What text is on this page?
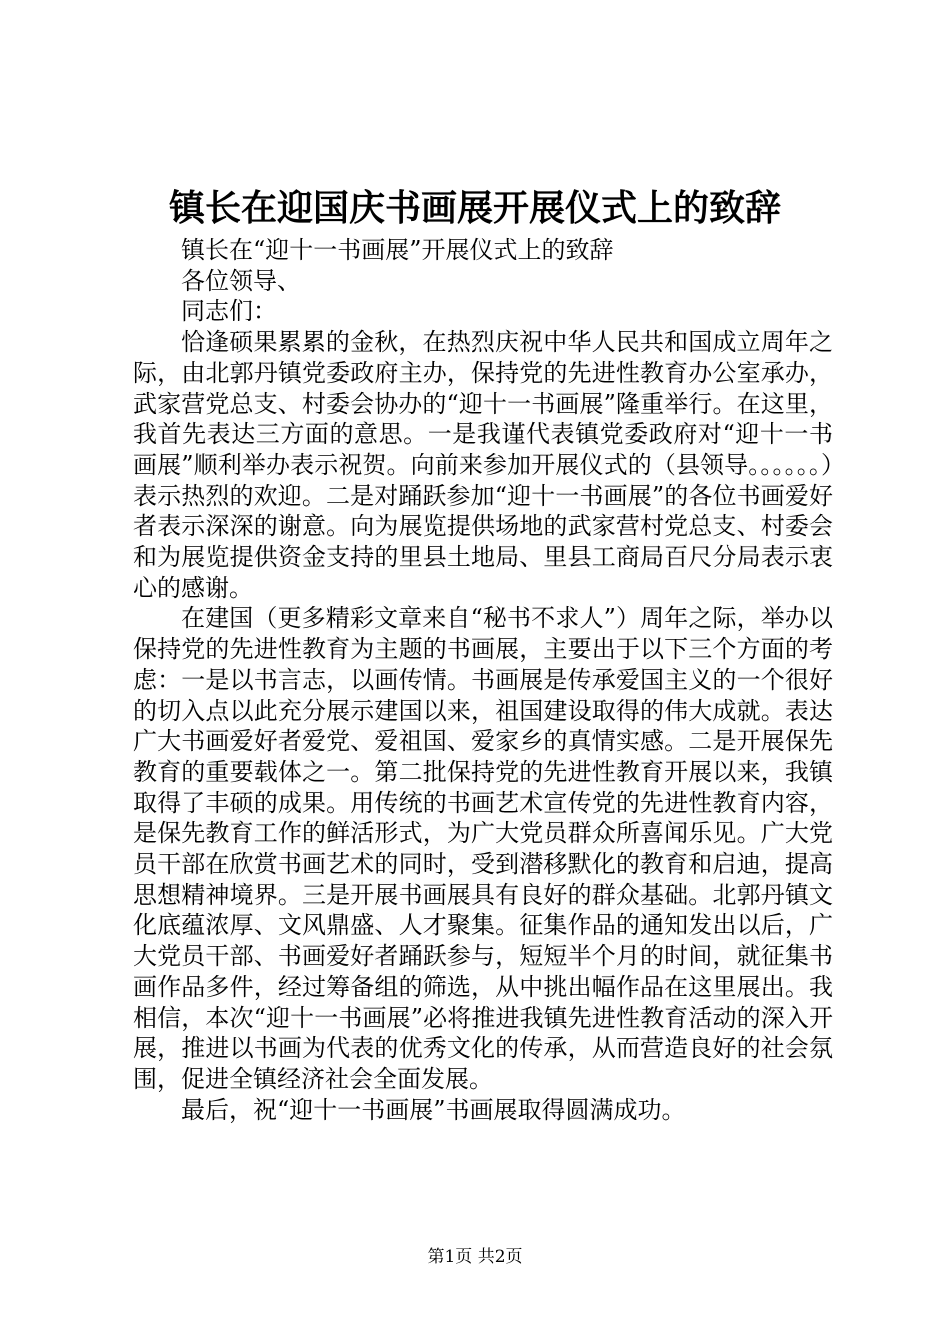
镇长在迎国庆书画展开展仪式上的致辞

镇长在“迎十一书画展”开展仪式上的致辞

各位领导、

同志们：

恰逢硕果累累的金秋，在热烈庆祝中华人民共和国成立周年之际，由北郭丹镇党委政府主办，保持党的先进性教育办公室承办，武家营党总支、村委会协办的“迎十一书画展”隆重举行。在这里，我首先表达三方面的意思。一是我谨代表镇党委政府对“迎十一书画展”顺利举办表示祝贺。向前来参加开展仪式的（县领导。。。。。。）表示热烈的欢迎。二是对踊跃参加“迎十一书画展”的各位书画爱好者表示深深的谢意。向为展览提供场地的武家营村党总支、村委会和为展览提供资金支持的里县土地局、里县工商局百尺分局表示衷心的感谢。

在建国（更多精彩文章来自“秘书不求人”）周年之际，举办以保持党的先进性教育为主题的书画展，主要出于以下三个方面的考虑：一是以书言志，以画传情。书画展是传承爱国主义的一个很好的切入点以此充分展示建国以来，祖国建设取得的伟大成就。表达广大书画爱好者爱党、爱祖国、爱家乡的真情实感。二是开展保先教育的重要载体之一。第二批保持党的先进性教育开展以来，我镇取得了丰硕的成果。用传统的书画艺术宣传党的先进性教育内容，是保先教育工作的鲜活形式，为广大党员群众所喜闻乐见。广大党员干部在欣赏书画艺术的同时，受到潜移默化的教育和启迪，提高思想精神境界。三是开展书画展具有良好的群众基础。北郭丹镇文化底蕴浓厚、文风鼎盛、人才聚集。征集作品的通知发出以后，广大党员干部、书画爱好者踊跃参与，短短半个月的时间，就征集书画作品多件，经过筹备组的筛选，从中挑出幅作品在这里展出。我相信，本次“迎十一书画展”必将推进我镇先进性教育活动的深入开展，推进以书画为代表的优秀文化的传承，从而营造良好的社会氛围，促进全镇经济社会全面发展。

最后，祝“迎十一书画展”书画展取得圆满成功。

第1页 共2页
